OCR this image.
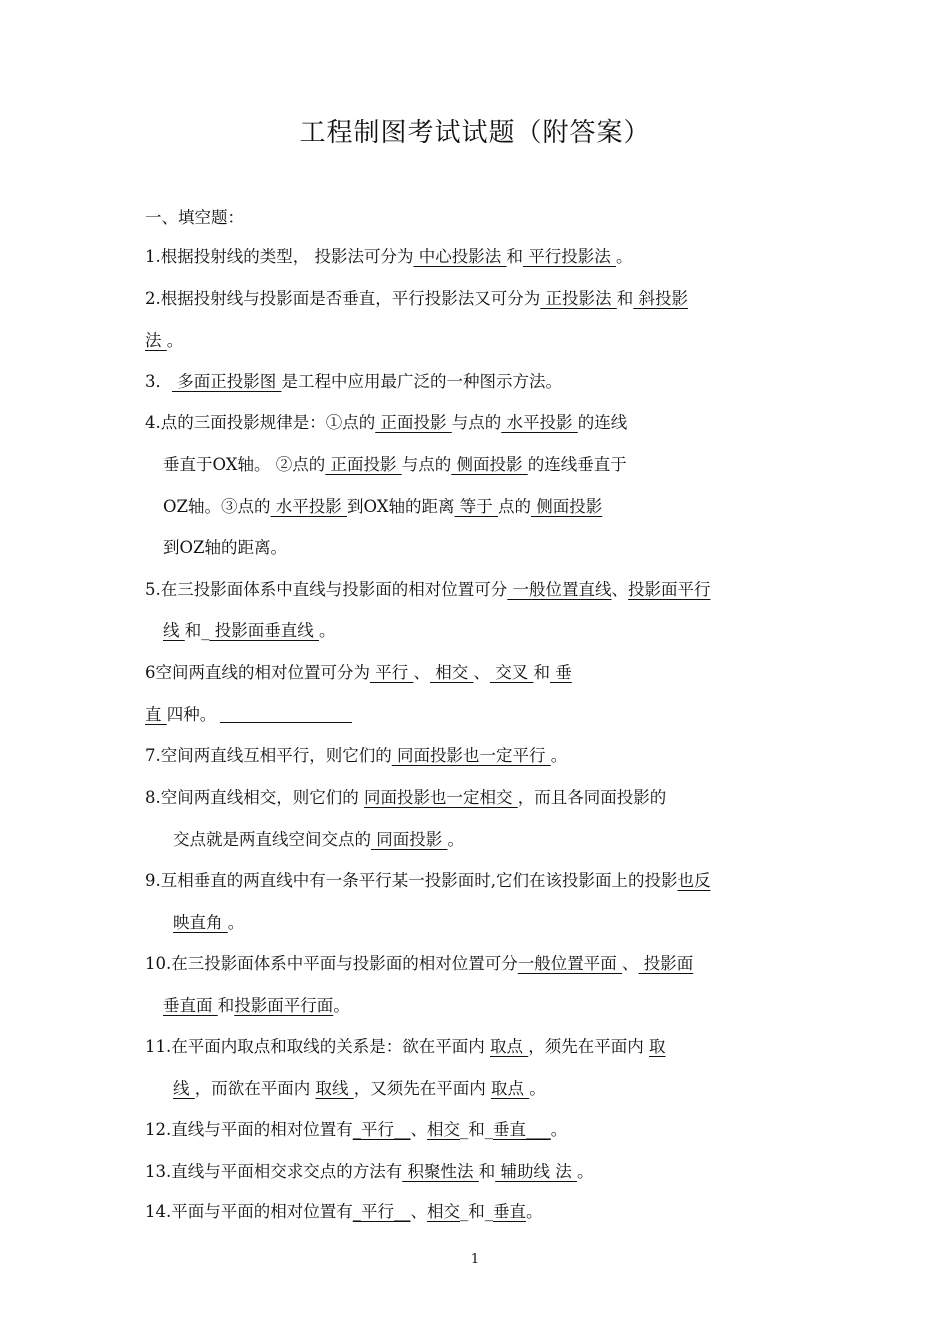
工程制图考试试题（附答案）
一、填空题：
1.根据投射线的类型， 投影法可分为 中心投影法 和 平行投影法 。
2.根据投射线与投影面是否垂直，平行投影法又可分为 正投影法 和 斜投影
法 。
3． 多面正投影图 是工程中应用最广泛的一种图示方法。
4.点的三面投影规律是：①点的 正面投影 与点的 水平投影 的连线
垂直于OX轴。 ②点的 正面投影 与点的 侧面投影 的连线垂直于
OZ轴。③点的 水平投影 到OX轴的距离 等于 点的 侧面投影
到OZ轴的距离。
5.在三投影面体系中直线与投影面的相对位置可分 一般位置直线、投影面平行
线 和_ 投影面垂直线 。
6空间两直线的相对位置可分为 平行 、 相交 、 交叉 和 垂
直 四种。
7.空间两直线互相平行，则它们的 同面投影也一定平行 。
8.空间两直线相交，则它们的 同面投影也一定相交 ，而且各同面投影的
交点就是两直线空间交点的 同面投影 。
9.互相垂直的两直线中有一条平行某一投影面时,它们在该投影面上的投影也反
映直角 。
10.在三投影面体系中平面与投影面的相对位置可分一般位置平面 、 投影面
垂直面 和投影面平行面。
11.在平面内取点和取线的关系是：欲在平面内 取点 ，须先在平面内 取
线 ，而欲在平面内 取线 ，又须先在平面内 取点 。
12.直线与平面的相对位置有_平行__、相交_和_垂直___。
13.直线与平面相交求交点的方法有 积聚性法 和 辅助线 法 。
14.平面与平面的相对位置有_平行__、相交_和_垂直。
1
